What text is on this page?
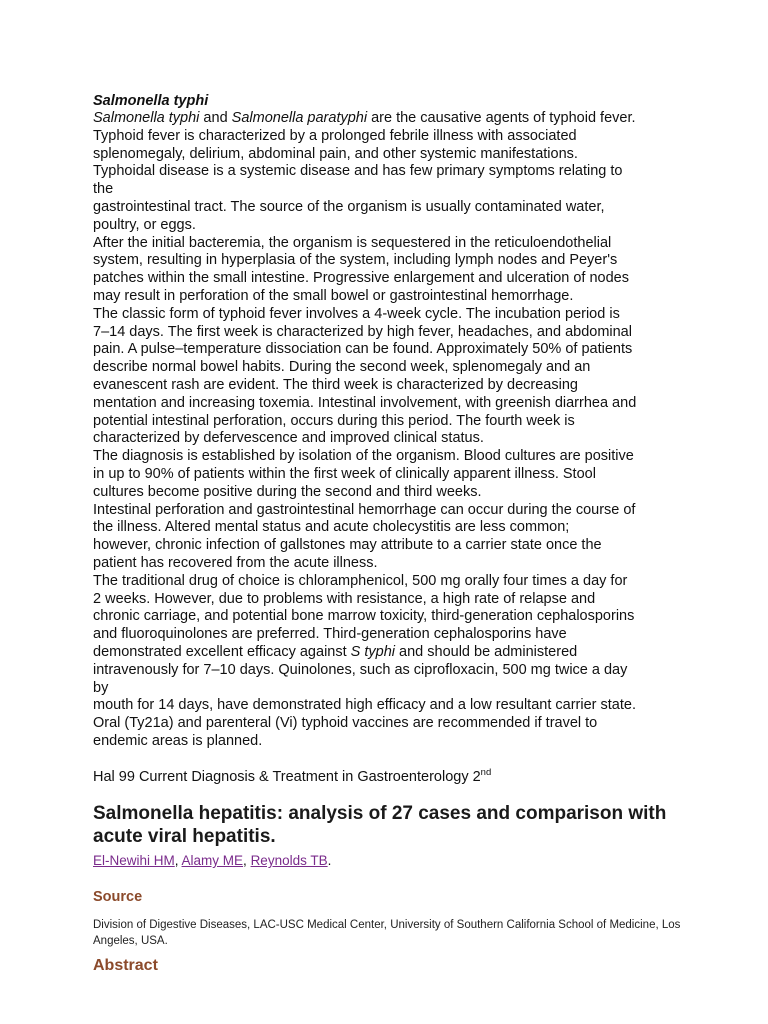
Salmonella typhi
Salmonella typhi and Salmonella paratyphi are the causative agents of typhoid fever.
Typhoid fever is characterized by a prolonged febrile illness with associated
splenomegaly, delirium, abdominal pain, and other systemic manifestations.
Typhoidal disease is a systemic disease and has few primary symptoms relating to
the
gastrointestinal tract. The source of the organism is usually contaminated water,
poultry, or eggs.
After the initial bacteremia, the organism is sequestered in the reticuloendothelial
system, resulting in hyperplasia of the system, including lymph nodes and Peyer's
patches within the small intestine. Progressive enlargement and ulceration of nodes
may result in perforation of the small bowel or gastrointestinal hemorrhage.
The classic form of typhoid fever involves a 4-week cycle. The incubation period is
7–14 days. The first week is characterized by high fever, headaches, and abdominal
pain. A pulse–temperature dissociation can be found. Approximately 50% of patients
describe normal bowel habits. During the second week, splenomegaly and an
evanescent rash are evident. The third week is characterized by decreasing
mentation and increasing toxemia. Intestinal involvement, with greenish diarrhea and
potential intestinal perforation, occurs during this period. The fourth week is
characterized by defervescence and improved clinical status.
The diagnosis is established by isolation of the organism. Blood cultures are positive
in up to 90% of patients within the first week of clinically apparent illness. Stool
cultures become positive during the second and third weeks.
Intestinal perforation and gastrointestinal hemorrhage can occur during the course of
the illness. Altered mental status and acute cholecystitis are less common;
however, chronic infection of gallstones may attribute to a carrier state once the
patient has recovered from the acute illness.
The traditional drug of choice is chloramphenicol, 500 mg orally four times a day for
2 weeks. However, due to problems with resistance, a high rate of relapse and
chronic carriage, and potential bone marrow toxicity, third-generation cephalosporins
and fluoroquinolones are preferred. Third-generation cephalosporins have
demonstrated excellent efficacy against S typhi and should be administered
intravenously for 7–10 days. Quinolones, such as ciprofloxacin, 500 mg twice a day
by
mouth for 14 days, have demonstrated high efficacy and a low resultant carrier state.
Oral (Ty21a) and parenteral (Vi) typhoid vaccines are recommended if travel to
endemic areas is planned.
Hal 99 Current Diagnosis & Treatment in Gastroenterology 2nd
Salmonella hepatitis: analysis of 27 cases and comparison with acute viral hepatitis.
El-Newihi HM, Alamy ME, Reynolds TB.
Source
Division of Digestive Diseases, LAC-USC Medical Center, University of Southern California School of Medicine, Los Angeles, USA.
Abstract
